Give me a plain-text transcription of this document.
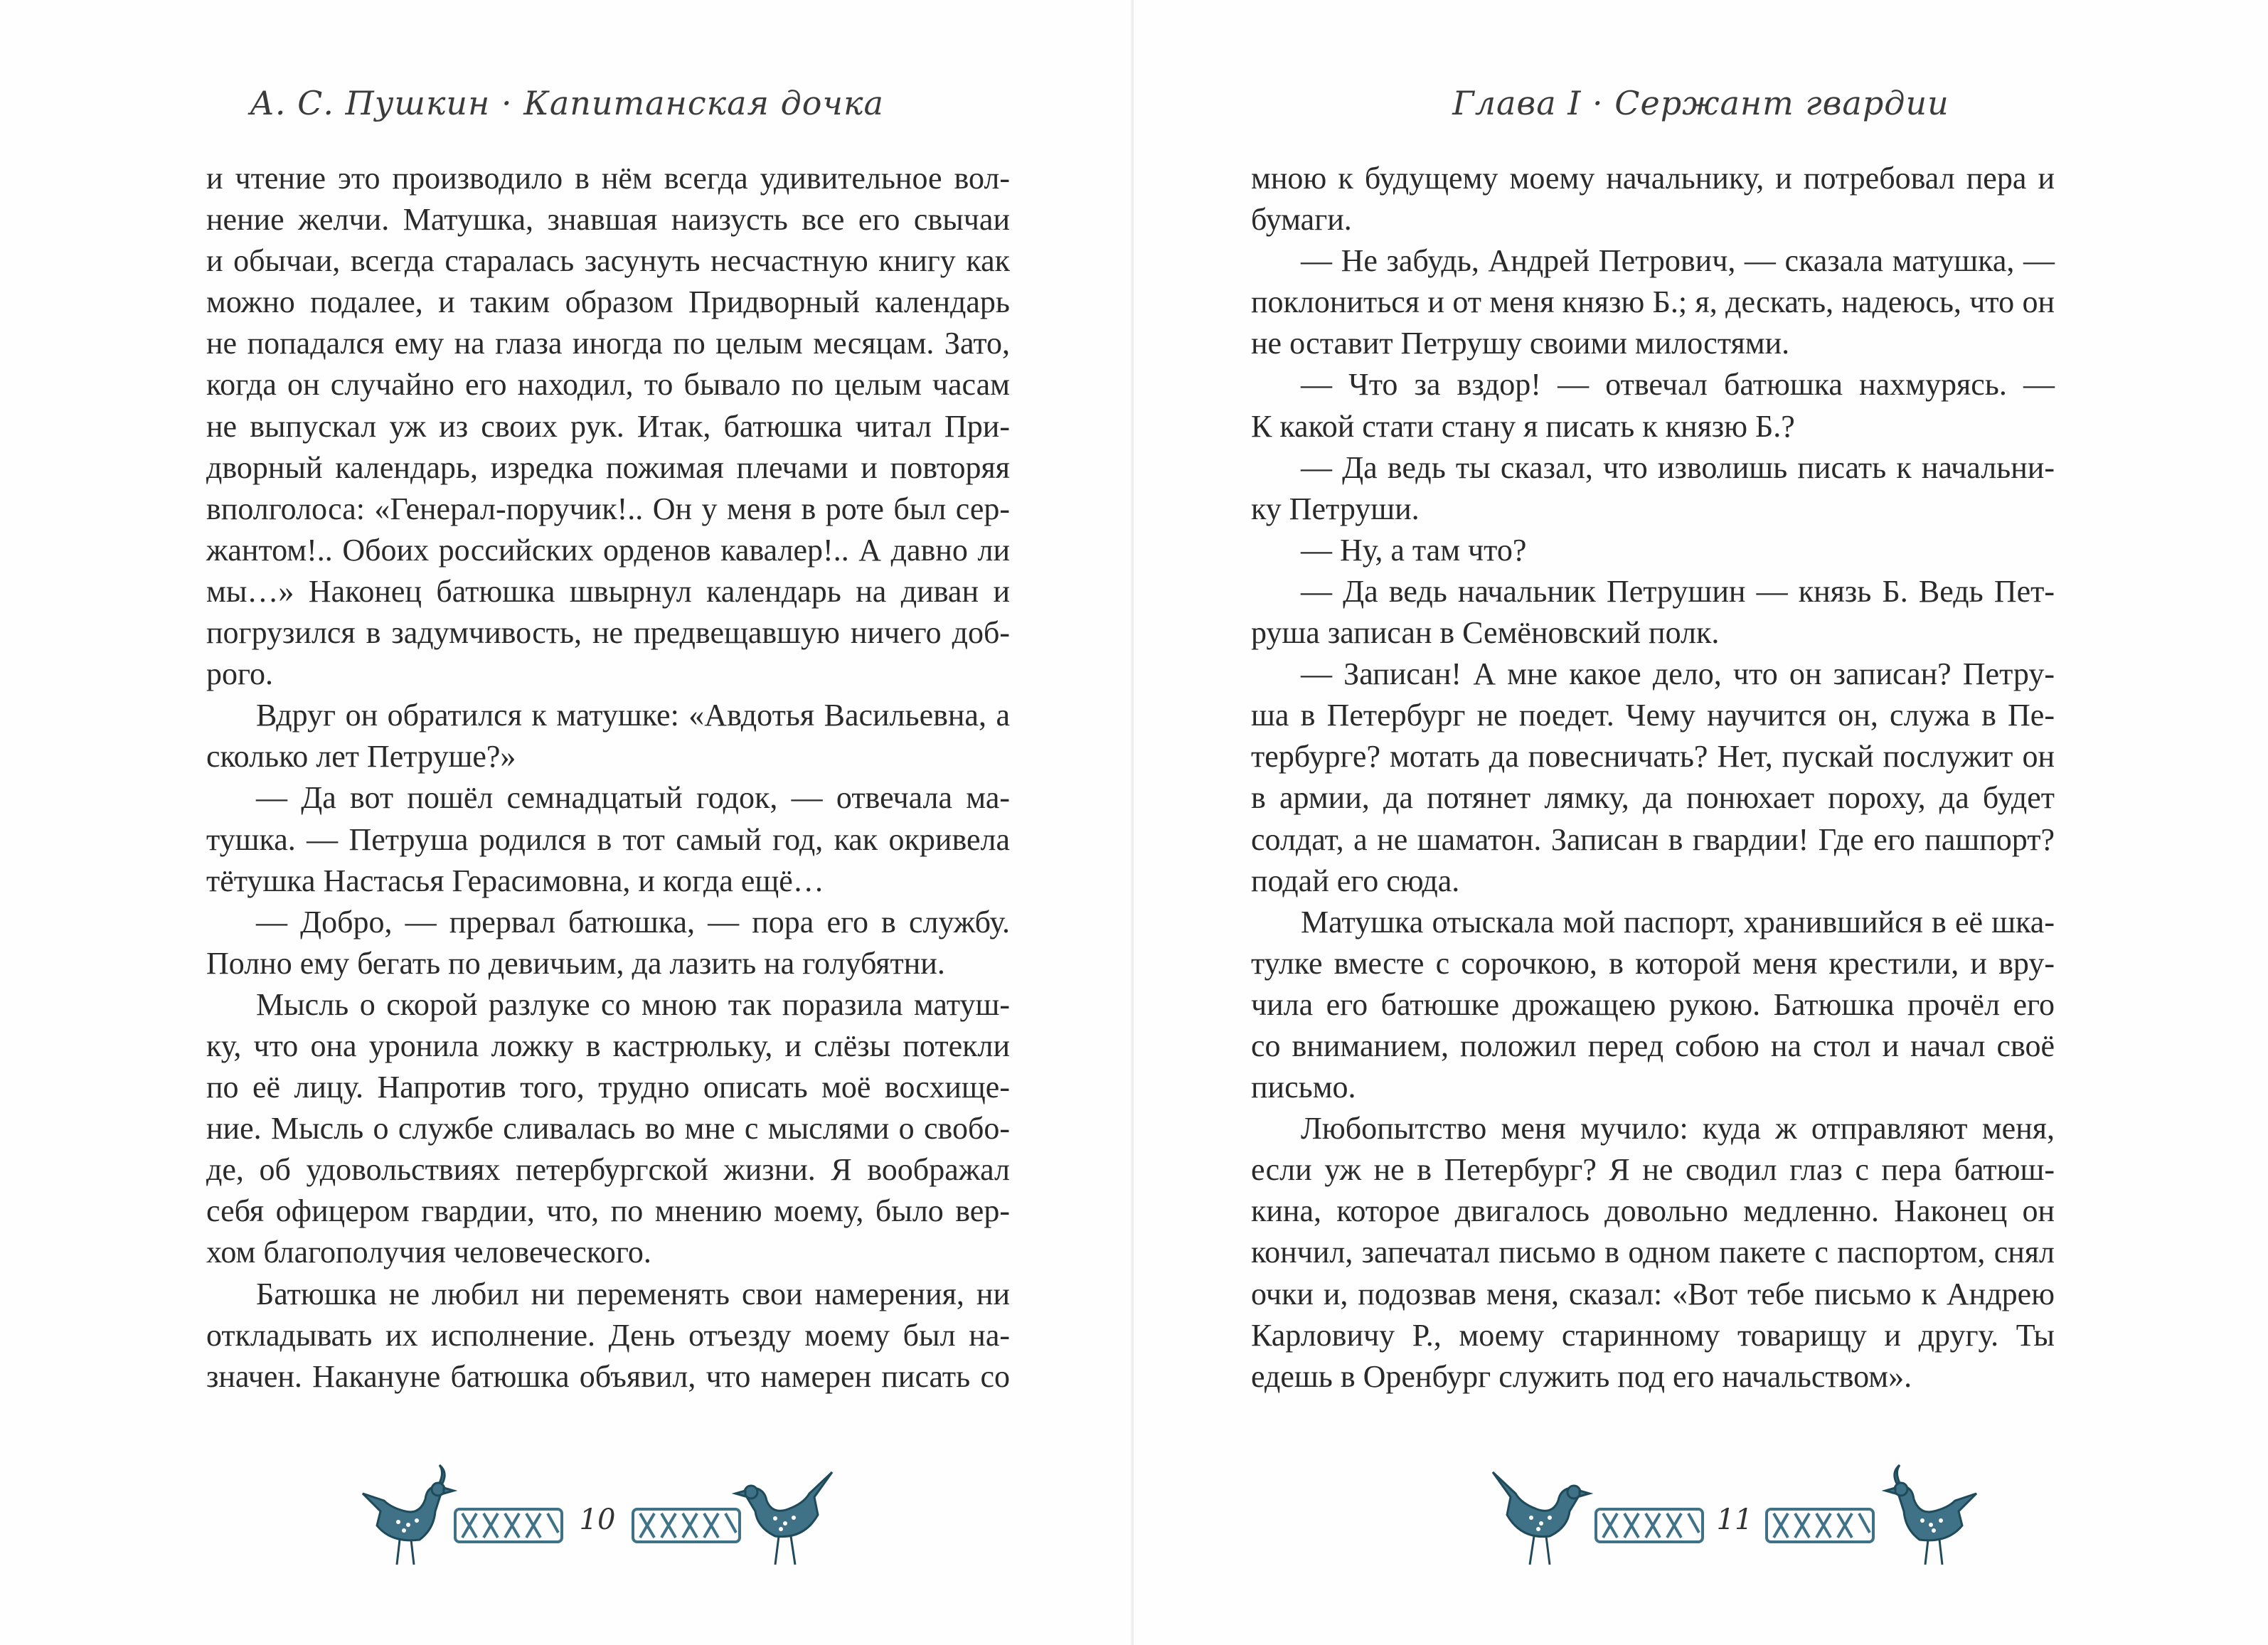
А. С. Пушкин · Капитанская дочка
и чтение это производило в нём всегда удивительное вол-
нение желчи. Матушка, знавшая наизусть все его свычаи
и обычаи, всегда старалась засунуть несчастную книгу как
можно подалее, и таким образом Придворный календарь
не попадался ему на глаза иногда по целым месяцам. Зато,
когда он случайно его находил, то бывало по целым часам
не выпускал уж из своих рук. Итак, батюшка читал При-
дворный календарь, изредка пожимая плечами и повторяя
вполголоса: «Генерал-поручик!.. Он у меня в роте был сер-
жантом!.. Обоих российских орденов кавалер!.. А давно ли
мы…» Наконец батюшка швырнул календарь на диван и
погрузился в задумчивость, не предвещавшую ничего доб-
рого.
Вдруг он обратился к матушке: «Авдотья Васильевна, а
сколько лет Петруше?»
— Да вот пошёл семнадцатый годок, — отвечала ма-
тушка. — Петруша родился в тот самый год, как окривела
тётушка Настасья Герасимовна, и когда ещё…
— Добро, — прервал батюшка, — пора его в службу.
Полно ему бегать по девичьим, да лазить на голубятни.
Мысль о скорой разлуке со мною так поразила матуш-
ку, что она уронила ложку в кастрюльку, и слёзы потекли
по её лицу. Напротив того, трудно описать моё восхище-
ние. Мысль о службе сливалась во мне с мыслями о свобо-
де, об удовольствиях петербургской жизни. Я воображал
себя офицером гвардии, что, по мнению моему, было вер-
хом благополучия человеческого.
Батюшка не любил ни переменять свои намерения, ни
откладывать их исполнение. День отъезду моему был на-
значен. Накануне батюшка объявил, что намерен писать со
10
Глава I · Сержант гвардии
мною к будущему моему начальнику, и потребовал пера и
бумаги.
— Не забудь, Андрей Петрович, — сказала матушка, —
поклониться и от меня князю Б.; я, дескать, надеюсь, что он
не оставит Петрушу своими милостями.
— Что за вздор! — отвечал батюшка нахмурясь. —
К какой стати стану я писать к князю Б.?
— Да ведь ты сказал, что изволишь писать к начальни-
ку Петруши.
— Ну, а там что?
— Да ведь начальник Петрушин — князь Б. Ведь Пет-
руша записан в Семёновский полк.
— Записан! А мне какое дело, что он записан? Петру-
ша в Петербург не поедет. Чему научится он, служа в Пе-
тербурге? мотать да повесничать? Нет, пускай послужит он
в армии, да потянет лямку, да понюхает пороху, да будет
солдат, а не шаматон. Записан в гвардии! Где его пашпорт?
подай его сюда.
Матушка отыскала мой паспорт, хранившийся в её шка-
тулке вместе с сорочкою, в которой меня крестили, и вру-
чила его батюшке дрожащею рукою. Батюшка прочёл его
со вниманием, положил перед собою на стол и начал своё
письмо.
Любопытство меня мучило: куда ж отправляют меня,
если уж не в Петербург? Я не сводил глаз с пера батюш-
кина, которое двигалось довольно медленно. Наконец он
кончил, запечатал письмо в одном пакете с паспортом, снял
очки и, подозвав меня, сказал: «Вот тебе письмо к Андрею
Карловичу Р., моему старинному товарищу и другу. Ты
едешь в Оренбург служить под его начальством».
11
